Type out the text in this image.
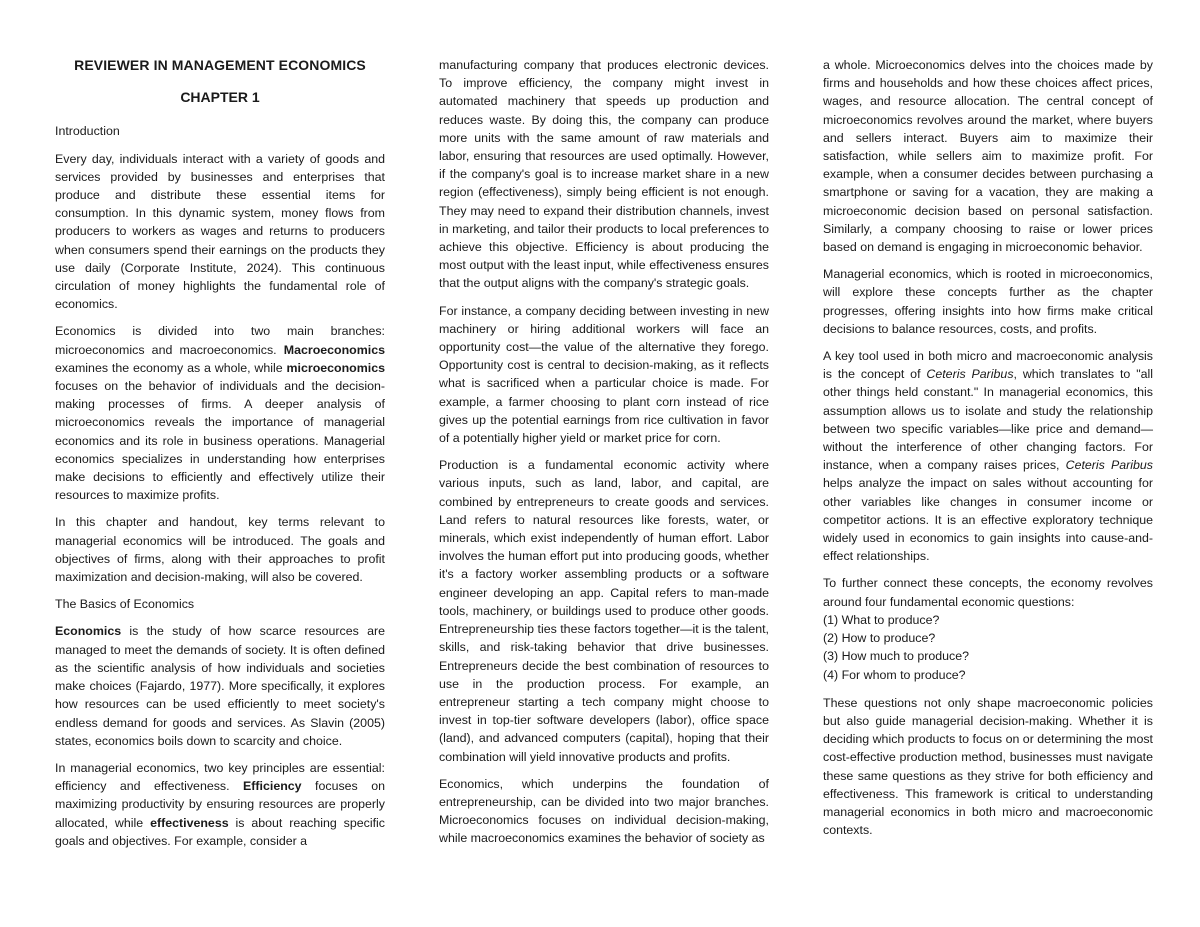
REVIEWER IN MANAGEMENT ECONOMICS
CHAPTER 1
Introduction

Every day, individuals interact with a variety of goods and services provided by businesses and enterprises that produce and distribute these essential items for consumption. In this dynamic system, money flows from producers to workers as wages and returns to producers when consumers spend their earnings on the products they use daily (Corporate Institute, 2024). This continuous circulation of money highlights the fundamental role of economics.

Economics is divided into two main branches: microeconomics and macroeconomics. Macroeconomics examines the economy as a whole, while microeconomics focuses on the behavior of individuals and the decision-making processes of firms. A deeper analysis of microeconomics reveals the importance of managerial economics and its role in business operations. Managerial economics specializes in understanding how enterprises make decisions to efficiently and effectively utilize their resources to maximize profits.

In this chapter and handout, key terms relevant to managerial economics will be introduced. The goals and objectives of firms, along with their approaches to profit maximization and decision-making, will also be covered.

The Basics of Economics

Economics is the study of how scarce resources are managed to meet the demands of society. It is often defined as the scientific analysis of how individuals and societies make choices (Fajardo, 1977). More specifically, it explores how resources can be used efficiently to meet society's endless demand for goods and services. As Slavin (2005) states, economics boils down to scarcity and choice.

In managerial economics, two key principles are essential: efficiency and effectiveness. Efficiency focuses on maximizing productivity by ensuring resources are properly allocated, while effectiveness is about reaching specific goals and objectives. For example, consider a

manufacturing company that produces electronic devices. To improve efficiency, the company might invest in automated machinery that speeds up production and reduces waste. By doing this, the company can produce more units with the same amount of raw materials and labor, ensuring that resources are used optimally. However, if the company's goal is to increase market share in a new region (effectiveness), simply being efficient is not enough. They may need to expand their distribution channels, invest in marketing, and tailor their products to local preferences to achieve this objective. Efficiency is about producing the most output with the least input, while effectiveness ensures that the output aligns with the company's strategic goals.

For instance, a company deciding between investing in new machinery or hiring additional workers will face an opportunity cost—the value of the alternative they forego. Opportunity cost is central to decision-making, as it reflects what is sacrificed when a particular choice is made. For example, a farmer choosing to plant corn instead of rice gives up the potential earnings from rice cultivation in favor of a potentially higher yield or market price for corn.

Production is a fundamental economic activity where various inputs, such as land, labor, and capital, are combined by entrepreneurs to create goods and services. Land refers to natural resources like forests, water, or minerals, which exist independently of human effort. Labor involves the human effort put into producing goods, whether it's a factory worker assembling products or a software engineer developing an app. Capital refers to man-made tools, machinery, or buildings used to produce other goods. Entrepreneurship ties these factors together—it is the talent, skills, and risk-taking behavior that drive businesses. Entrepreneurs decide the best combination of resources to use in the production process. For example, an entrepreneur starting a tech company might choose to invest in top-tier software developers (labor), office space (land), and advanced computers (capital), hoping that their combination will yield innovative products and profits.

Economics, which underpins the foundation of entrepreneurship, can be divided into two major branches. Microeconomics focuses on individual decision-making, while macroeconomics examines the behavior of society as

a whole. Microeconomics delves into the choices made by firms and households and how these choices affect prices, wages, and resource allocation. The central concept of microeconomics revolves around the market, where buyers and sellers interact. Buyers aim to maximize their satisfaction, while sellers aim to maximize profit. For example, when a consumer decides between purchasing a smartphone or saving for a vacation, they are making a microeconomic decision based on personal satisfaction. Similarly, a company choosing to raise or lower prices based on demand is engaging in microeconomic behavior.

Managerial economics, which is rooted in microeconomics, will explore these concepts further as the chapter progresses, offering insights into how firms make critical decisions to balance resources, costs, and profits.

A key tool used in both micro and macroeconomic analysis is the concept of Ceteris Paribus, which translates to "all other things held constant." In managerial economics, this assumption allows us to isolate and study the relationship between two specific variables—like price and demand—without the interference of other changing factors. For instance, when a company raises prices, Ceteris Paribus helps analyze the impact on sales without accounting for other variables like changes in consumer income or competitor actions. It is an effective exploratory technique widely used in economics to gain insights into cause-and-effect relationships.

To further connect these concepts, the economy revolves around four fundamental economic questions:

(1) What to produce?
(2) How to produce?
(3) How much to produce?
(4) For whom to produce?

These questions not only shape macroeconomic policies but also guide managerial decision-making. Whether it is deciding which products to focus on or determining the most cost-effective production method, businesses must navigate these same questions as they strive for both efficiency and effectiveness. This framework is critical to understanding managerial economics in both micro and macroeconomic contexts.
